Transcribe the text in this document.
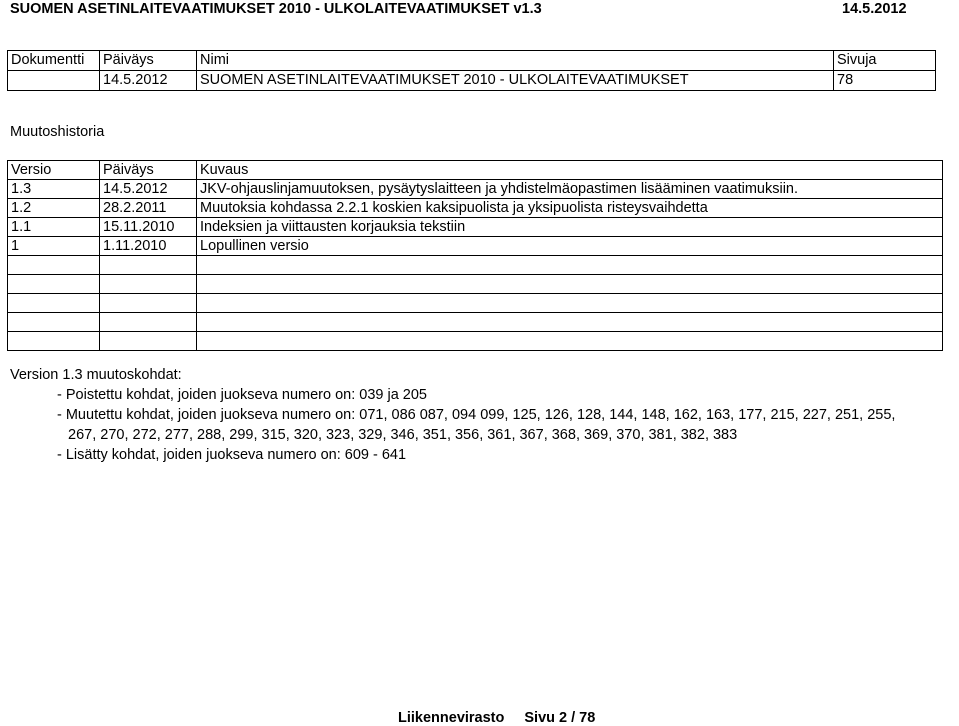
SUOMEN ASETINLAITEVAATIMUKSET 2010 - ULKOLAITEVAATIMUKSET v1.3	14.5.2012
Dokumentti	Päiväys	Nimi	Sivuja
	14.5.2012	SUOMEN ASETINLAITEVAATIMUKSET 2010 - ULKOLAITEVAATIMUKSET	78
Muutoshistoria
Versio	Päiväys	Kuvaus
1.3	14.5.2012	JKV-ohjauslinjamuutoksen, pysäytyslaitteen ja yhdistelmäopastimen lisääminen vaatimuksiin.
1.2	28.2.2011	Muutoksia kohdassa 2.2.1 koskien kaksipuolista ja yksipuolista risteysvaihdetta
1.1	15.11.2010	Indeksien ja viittausten korjauksia tekstiin
1	1.11.2010	Lopullinen versio

Version 1.3 muutoskohdat:
- Poistettu kohdat, joiden juokseva numero on: 039 ja 205
- Muutettu kohdat, joiden juokseva numero on: 071, 086 087, 094 099, 125, 126, 128, 144, 148, 162, 163, 177, 215, 227, 251, 255,
267, 270, 272, 277, 288, 299, 315, 320, 323, 329, 346, 351, 356, 361, 367, 368, 369, 370, 381, 382, 383
- Lisätty kohdat, joiden juokseva numero on: 609 - 641
Liikennevirasto Sivu 2 / 78
